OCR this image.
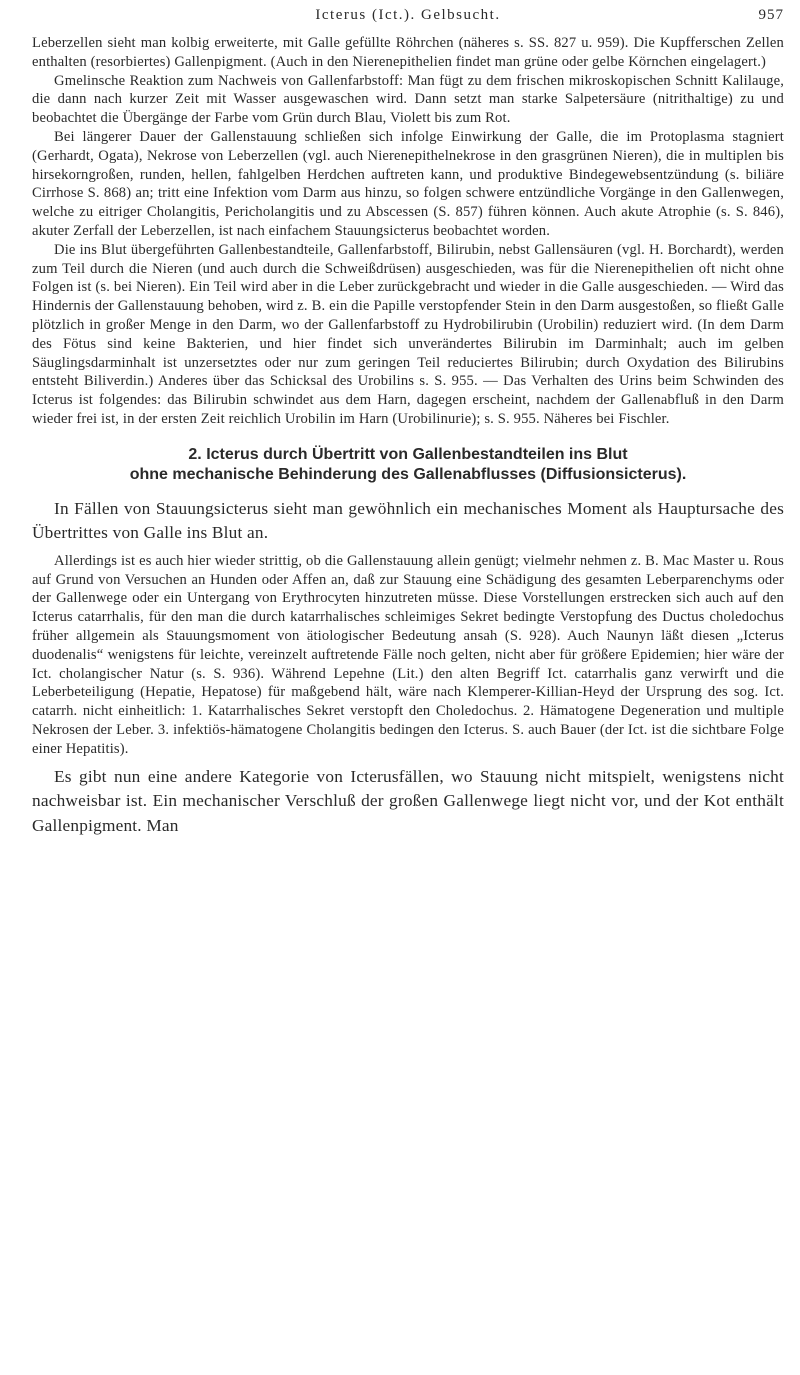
Icterus (Ict.). Gelbsucht.	957

Leberzellen sieht man kolbig erweiterte, mit Galle gefüllte Röhrchen (näheres s. SS. 827 u. 959). Die Kupfferschen Zellen enthalten (resorbiertes) Gallenpigment. (Auch in den Nierenepithelien findet man grüne oder gelbe Körnchen eingelagert.)

Gmelinsche Reaktion zum Nachweis von Gallenfarbstoff: Man fügt zu dem frischen mikroskopischen Schnitt Kalilauge, die dann nach kurzer Zeit mit Wasser ausgewaschen wird. Dann setzt man starke Salpetersäure (nitrithaltige) zu und beobachtet die Übergänge der Farbe vom Grün durch Blau, Violett bis zum Rot.

Bei längerer Dauer der Gallenstauung schließen sich infolge Einwirkung der Galle, die im Protoplasma stagniert (Gerhardt, Ogata), Nekrose von Leberzellen (vgl. auch Nierenepithelnekrose in den grasgrünen Nieren), die in multiplen bis hirsekorngroßen, runden, hellen, fahlgelben Herdchen auftreten kann, und produktive Bindegewebsentzündung (s. biliäre Cirrhose S. 868) an; tritt eine Infektion vom Darm aus hinzu, so folgen schwere entzündliche Vorgänge in den Gallenwegen, welche zu eitriger Cholangitis, Pericholangitis und zu Abscessen (S. 857) führen können. Auch akute Atrophie (s. S. 846), akuter Zerfall der Leberzellen, ist nach einfachem Stauungsicterus beobachtet worden.

Die ins Blut übergeführten Gallenbestandteile, Gallenfarbstoff, Bilirubin, nebst Gallensäuren (vgl. H. Borchardt), werden zum Teil durch die Nieren (und auch durch die Schweißdrüsen) ausgeschieden, was für die Nierenepithelien oft nicht ohne Folgen ist (s. bei Nieren). Ein Teil wird aber in die Leber zurückgebracht und wieder in die Galle ausgeschieden. — Wird das Hindernis der Gallenstauung behoben, wird z. B. ein die Papille verstopfender Stein in den Darm ausgestoßen, so fließt Galle plötzlich in großer Menge in den Darm, wo der Gallenfarbstoff zu Hydrobilirubin (Urobilin) reduziert wird. (In dem Darm des Fötus sind keine Bakterien, und hier findet sich unverändertes Bilirubin im Darminhalt; auch im gelben Säuglingsdarminhalt ist unzersetztes oder nur zum geringen Teil reduciertes Bilirubin; durch Oxydation des Bilirubins entsteht Biliverdin.) Anderes über das Schicksal des Urobilins s. S. 955. — Das Verhalten des Urins beim Schwinden des Icterus ist folgendes: das Bilirubin schwindet aus dem Harn, dagegen erscheint, nachdem der Gallenabfluß in den Darm wieder frei ist, in der ersten Zeit reichlich Urobilin im Harn (Urobilinurie); s. S. 955. Näheres bei Fischler.

2. Icterus durch Übertritt von Gallenbestandteilen ins Blut
ohne mechanische Behinderung des Gallenabflusses (Diffusionsicterus).

In Fällen von Stauungsicterus sieht man gewöhnlich ein mechanisches Moment als Hauptursache des Übertrittes von Galle ins Blut an.

Allerdings ist es auch hier wieder strittig, ob die Gallenstauung allein genügt; vielmehr nehmen z. B. Mac Master u. Rous auf Grund von Versuchen an Hunden oder Affen an, daß zur Stauung eine Schädigung des gesamten Leberparenchyms oder der Gallenwege oder ein Untergang von Erythrocyten hinzutreten müsse. Diese Vorstellungen erstrecken sich auch auf den Icterus catarrhalis, für den man die durch katarrhalisches schleimiges Sekret bedingte Verstopfung des Ductus choledochus früher allgemein als Stauungsmoment von ätiologischer Bedeutung ansah (S. 928). Auch Naunyn läßt diesen „Icterus duodenalis“ wenigstens für leichte, vereinzelt auftretende Fälle noch gelten, nicht aber für größere Epidemien; hier wäre der Ict. cholangischer Natur (s. S. 936). Während Lepehne (Lit.) den alten Begriff Ict. catarrhalis ganz verwirft und die Leberbeteiligung (Hepatie, Hepatose) für maßgebend hält, wäre nach Klemperer-Killian-Heyd der Ursprung des sog. Ict. catarrh. nicht einheitlich: 1. Katarrhalisches Sekret verstopft den Choledochus. 2. Hämatogene Degeneration und multiple Nekrosen der Leber. 3. infektiös-hämatogene Cholangitis bedingen den Icterus. S. auch Bauer (der Ict. ist die sichtbare Folge einer Hepatitis).

Es gibt nun eine andere Kategorie von Icterusfällen, wo Stauung nicht mitspielt, wenigstens nicht nachweisbar ist. Ein mechanischer Verschluß der großen Gallenwege liegt nicht vor, und der Kot enthält Gallenpigment. Man
